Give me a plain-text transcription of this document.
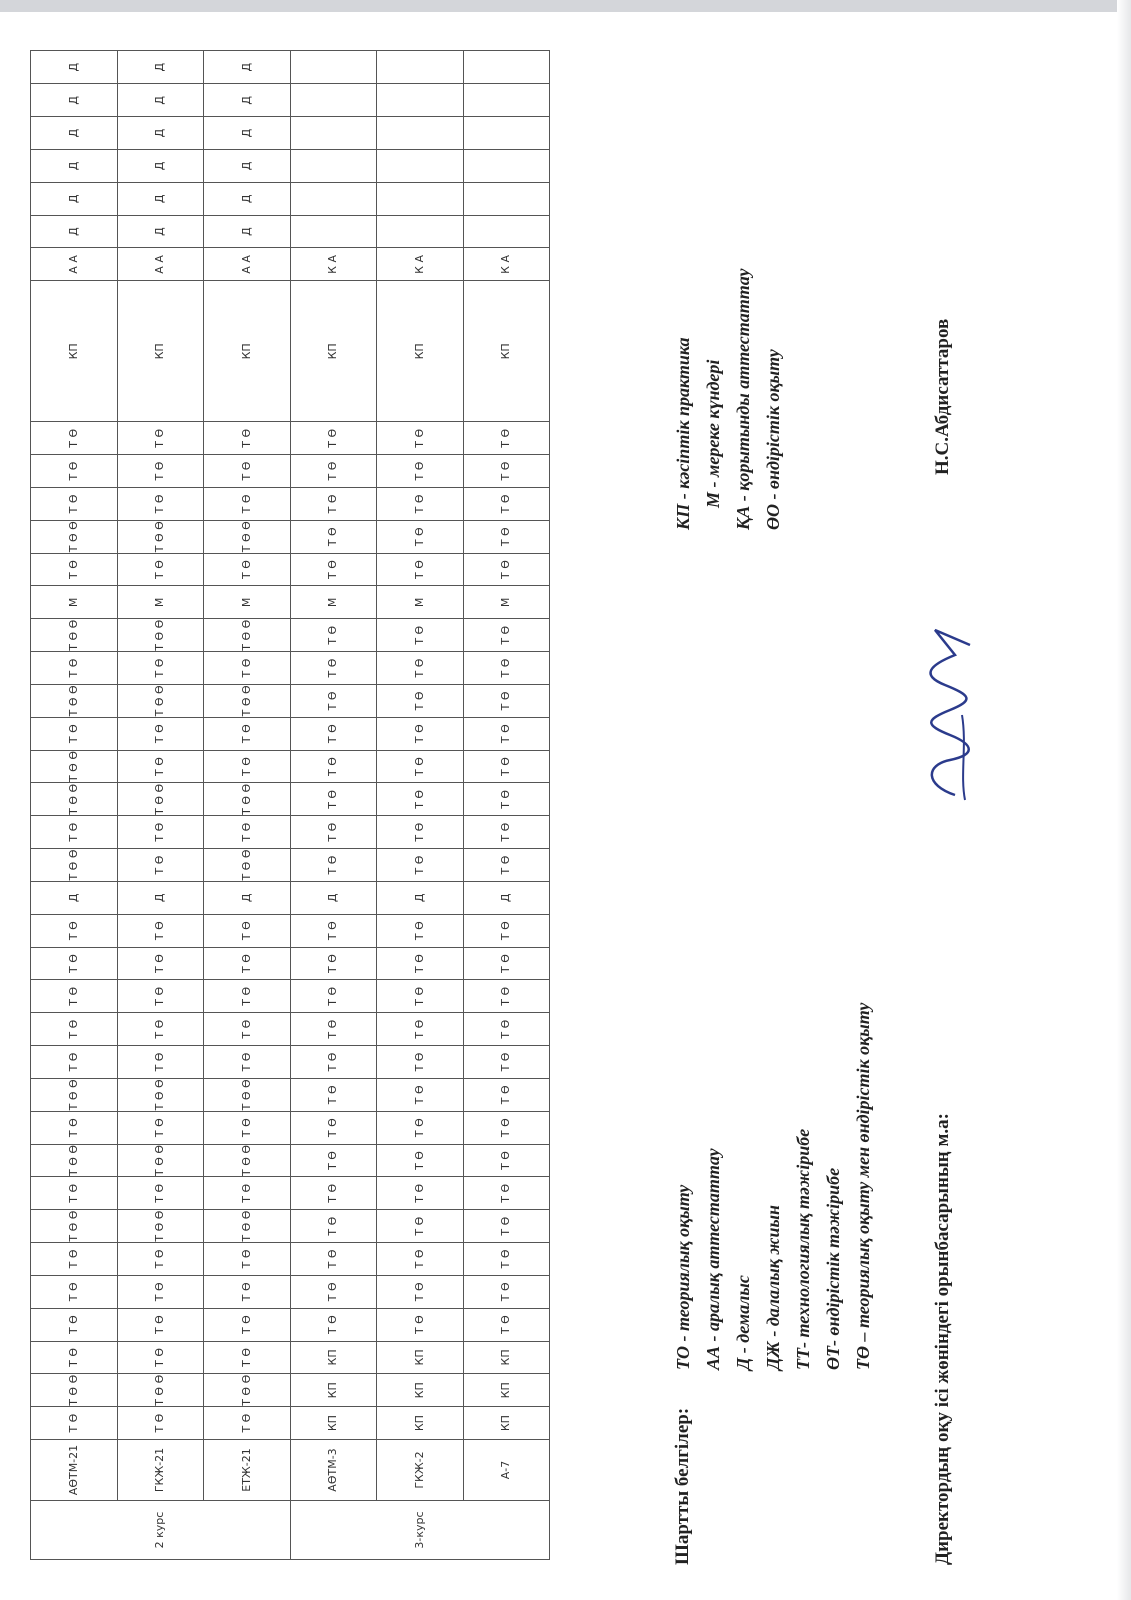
2 курс	АӨТМ-21	Т Ө	Т Ө Ө	Т Ө	Т Ө	Т Ө	Т Ө	Т Ө Ө	Т Ө	Т Ө Ө	Т Ө	Т Ө Ө	Т Ө	Т Ө	Т Ө	Т Ө	Т Ө	Д	Т Ө Ө	Т Ө	Т Ө Ө	Т Ө Ө	Т Ө	Т Ө Ө	Т Ө	Т Ө Ө	М	Т Ө	Т Ө Ө	Т Ө	Т Ө	Т Ө	КП	А А	Д	Д	Д	Д	Д	Д
	ГКЖ-21	Т Ө	Т Ө Ө	Т Ө	Т Ө	Т Ө	Т Ө	Т Ө Ө	Т Ө	Т Ө Ө	Т Ө	Т Ө Ө	Т Ө	Т Ө	Т Ө	Т Ө	Т Ө	Д	Т Ө	Т Ө	Т Ө Ө	Т Ө	Т Ө	Т Ө Ө	Т Ө	Т Ө Ө	М	Т Ө	Т Ө Ө	Т Ө	Т Ө	Т Ө	КП	А А	Д	Д	Д	Д	Д	Д
	ЕТЖ-21	Т Ө	Т Ө Ө	Т Ө	Т Ө	Т Ө	Т Ө	Т Ө Ө	Т Ө	Т Ө Ө	Т Ө	Т Ө Ө	Т Ө	Т Ө	Т Ө	Т Ө	Т Ө	Д	Т Ө Ө	Т Ө	Т Ө Ө	Т Ө	Т Ө	Т Ө Ө	Т Ө	Т Ө Ө	М	Т Ө	Т Ө Ө	Т Ө	Т Ө	Т Ө	КП	А А	Д	Д	Д	Д	Д	Д
3-курс	АӨТМ-3	КП	КП	КП	Т Ө	Т Ө	Т Ө	Т Ө	Т Ө	Т Ө	Т Ө	Т Ө	Т Ө	Т Ө	Т Ө	Т Ө	Т Ө	Д	Т Ө	Т Ө	Т Ө	Т Ө	Т Ө	Т Ө	Т Ө	Т Ө	М	Т Ө	Т Ө	Т Ө	Т Ө	Т Ө	КП	К А						
	ГКЖ-2	КП	КП	КП	Т Ө	Т Ө	Т Ө	Т Ө	Т Ө	Т Ө	Т Ө	Т Ө	Т Ө	Т Ө	Т Ө	Т Ө	Т Ө	Д	Т Ө	Т Ө	Т Ө	Т Ө	Т Ө	Т Ө	Т Ө	Т Ө	М	Т Ө	Т Ө	Т Ө	Т Ө	Т Ө	КП	К А						
	А-7	КП	КП	КП	Т Ө	Т Ө	Т Ө	Т Ө	Т Ө	Т Ө	Т Ө	Т Ө	Т Ө	Т Ө	Т Ө	Т Ө	Т Ө	Д	Т Ө	Т Ө	Т Ө	Т Ө	Т Ө	Т Ө	Т Ө	Т Ө	М	Т Ө	Т Ө	Т Ө	Т Ө	Т Ө	КП	К А						
Шартты белгілер:
ТО - теориялық оқыту АА - аралық аттестаттау Д - демалыс ДЖ - далалық жиын ТТ- технологиялық тәжірибе ӨТ- өндірістік тәжірибе ТӨ – теориялық оқыту мен өндірістік оқыту
КП - кәсіптік практика М - мереке күндері ҚА - қорытынды аттестаттау ӨО - өндірістік оқыту
Директордың оқу ісі жөніндегі орынбасарының м.а:
Н.С.Абдисаттаров
